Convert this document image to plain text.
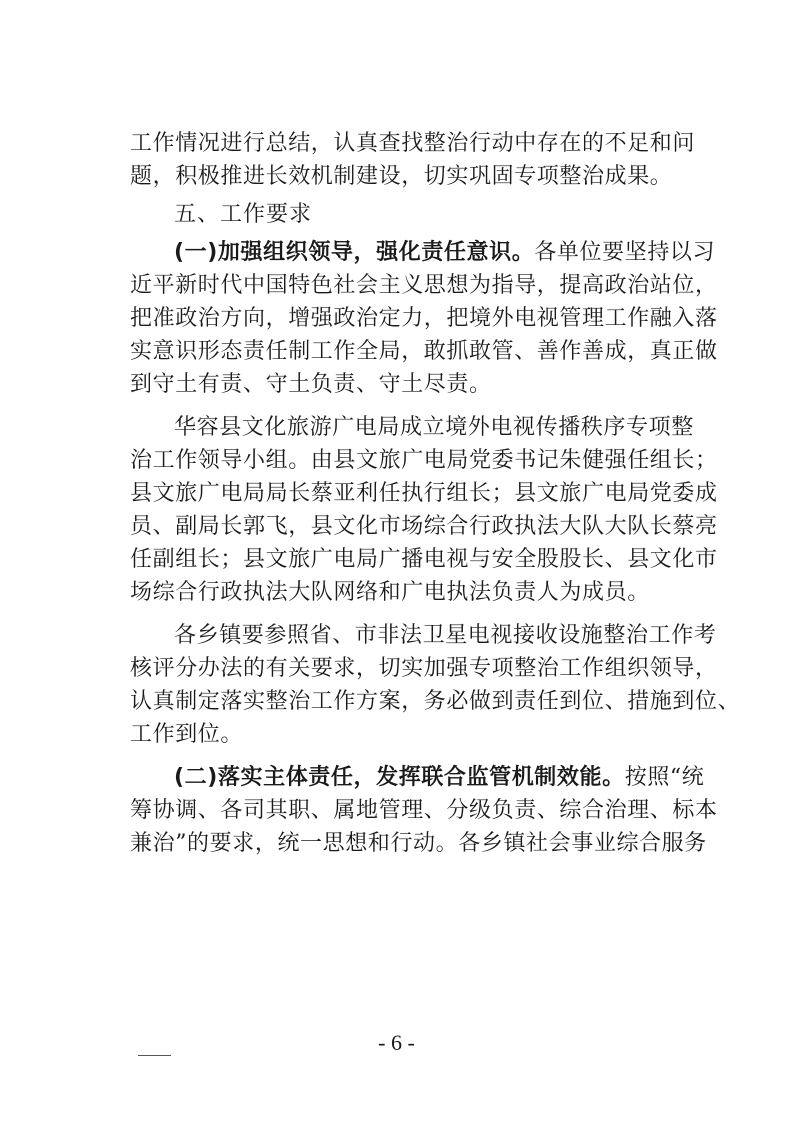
工作情况进行总结，认真查找整治行动中存在的不足和问

题，积极推进长效机制建设，切实巩固专项整治成果。

五、工作要求

(一)加强组织领导，强化责任意识。各单位要坚持以习

近平新时代中国特色社会主义思想为指导，提高政治站位，

把准政治方向，增强政治定力，把境外电视管理工作融入落

实意识形态责任制工作全局，敢抓敢管、善作善成，真正做

到守土有责、守土负责、守土尽责。

华容县文化旅游广电局成立境外电视传播秩序专项整

治工作领导小组。由县文旅广电局党委书记朱健强任组长；

县文旅广电局局长蔡亚利任执行组长；县文旅广电局党委成

员、副局长郭飞，县文化市场综合行政执法大队大队长蔡亮

任副组长；县文旅广电局广播电视与安全股股长、县文化市

场综合行政执法大队网络和广电执法负责人为成员。

各乡镇要参照省、市非法卫星电视接收设施整治工作考

核评分办法的有关要求，切实加强专项整治工作组织领导，

认真制定落实整治工作方案，务必做到责任到位、措施到位、

工作到位。

(二)落实主体责任，发挥联合监管机制效能。按照“统

筹协调、各司其职、属地管理、分级负责、综合治理、标本

兼治”的要求，统一思想和行动。各乡镇社会事业综合服务

- 6 -
